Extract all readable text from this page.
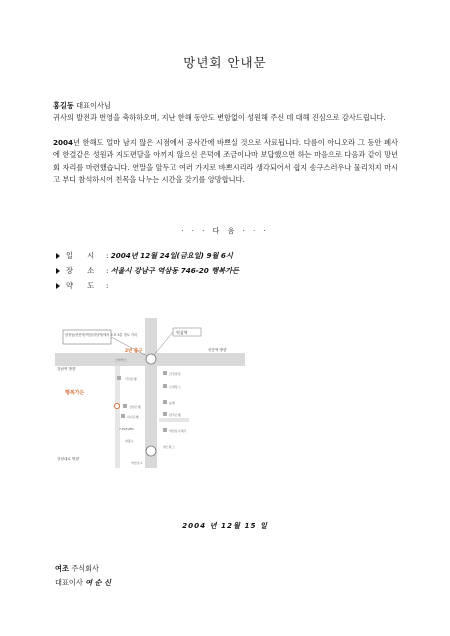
망년회 안내문
홍길동 대표이사님
귀사의 발전과 번영을 축하하오며, 지난 한해 동안도 변함없이 성원해 주신 데 대해 진심으로 감사드립니다.
2004년 한해도 얼마 남지 않은 시점에서 공사간에 바쁘실 것으로 사료됩니다. 다름이 아니오라 그 동안 폐사에 한결같은 성원과 지도편달을 아끼지 않으신 은덕에 조금이나마 보답했으면 하는 마음으로 다음과 같이 망년회 자리를 마련했습니다. 연말을 앞두고 여러 가지로 바쁘시리라 생각되어서 쉽지 송구스러우나 물리치지 마시고 부디 참석하시어 친목을 나누는 시간을 갖기를 앙망합니다.
· · · 다 음 · · ·
일 시 : 2004년 12월 24일(금요일) 9월 6시
장 소 : 서울시 강남구 역삼동 746-20 행복가든
약 도 :
삼성동/선릉역/역삼/강남역/에서 도보 5분 정도 거리	역삼역
강남역 방향
선릉역 방향
강남대로 방향
2번 출구
스타벅스
국민은행
신한은행
행복가든
하나은행
7-ELEVEN
파출소
역삼초교
금강빌딩
르네상스
농협
한국은행
역삼동우체국
세브란스
2004 년 12월 15 일
여조 주식회사
대표이사 여 순 신
